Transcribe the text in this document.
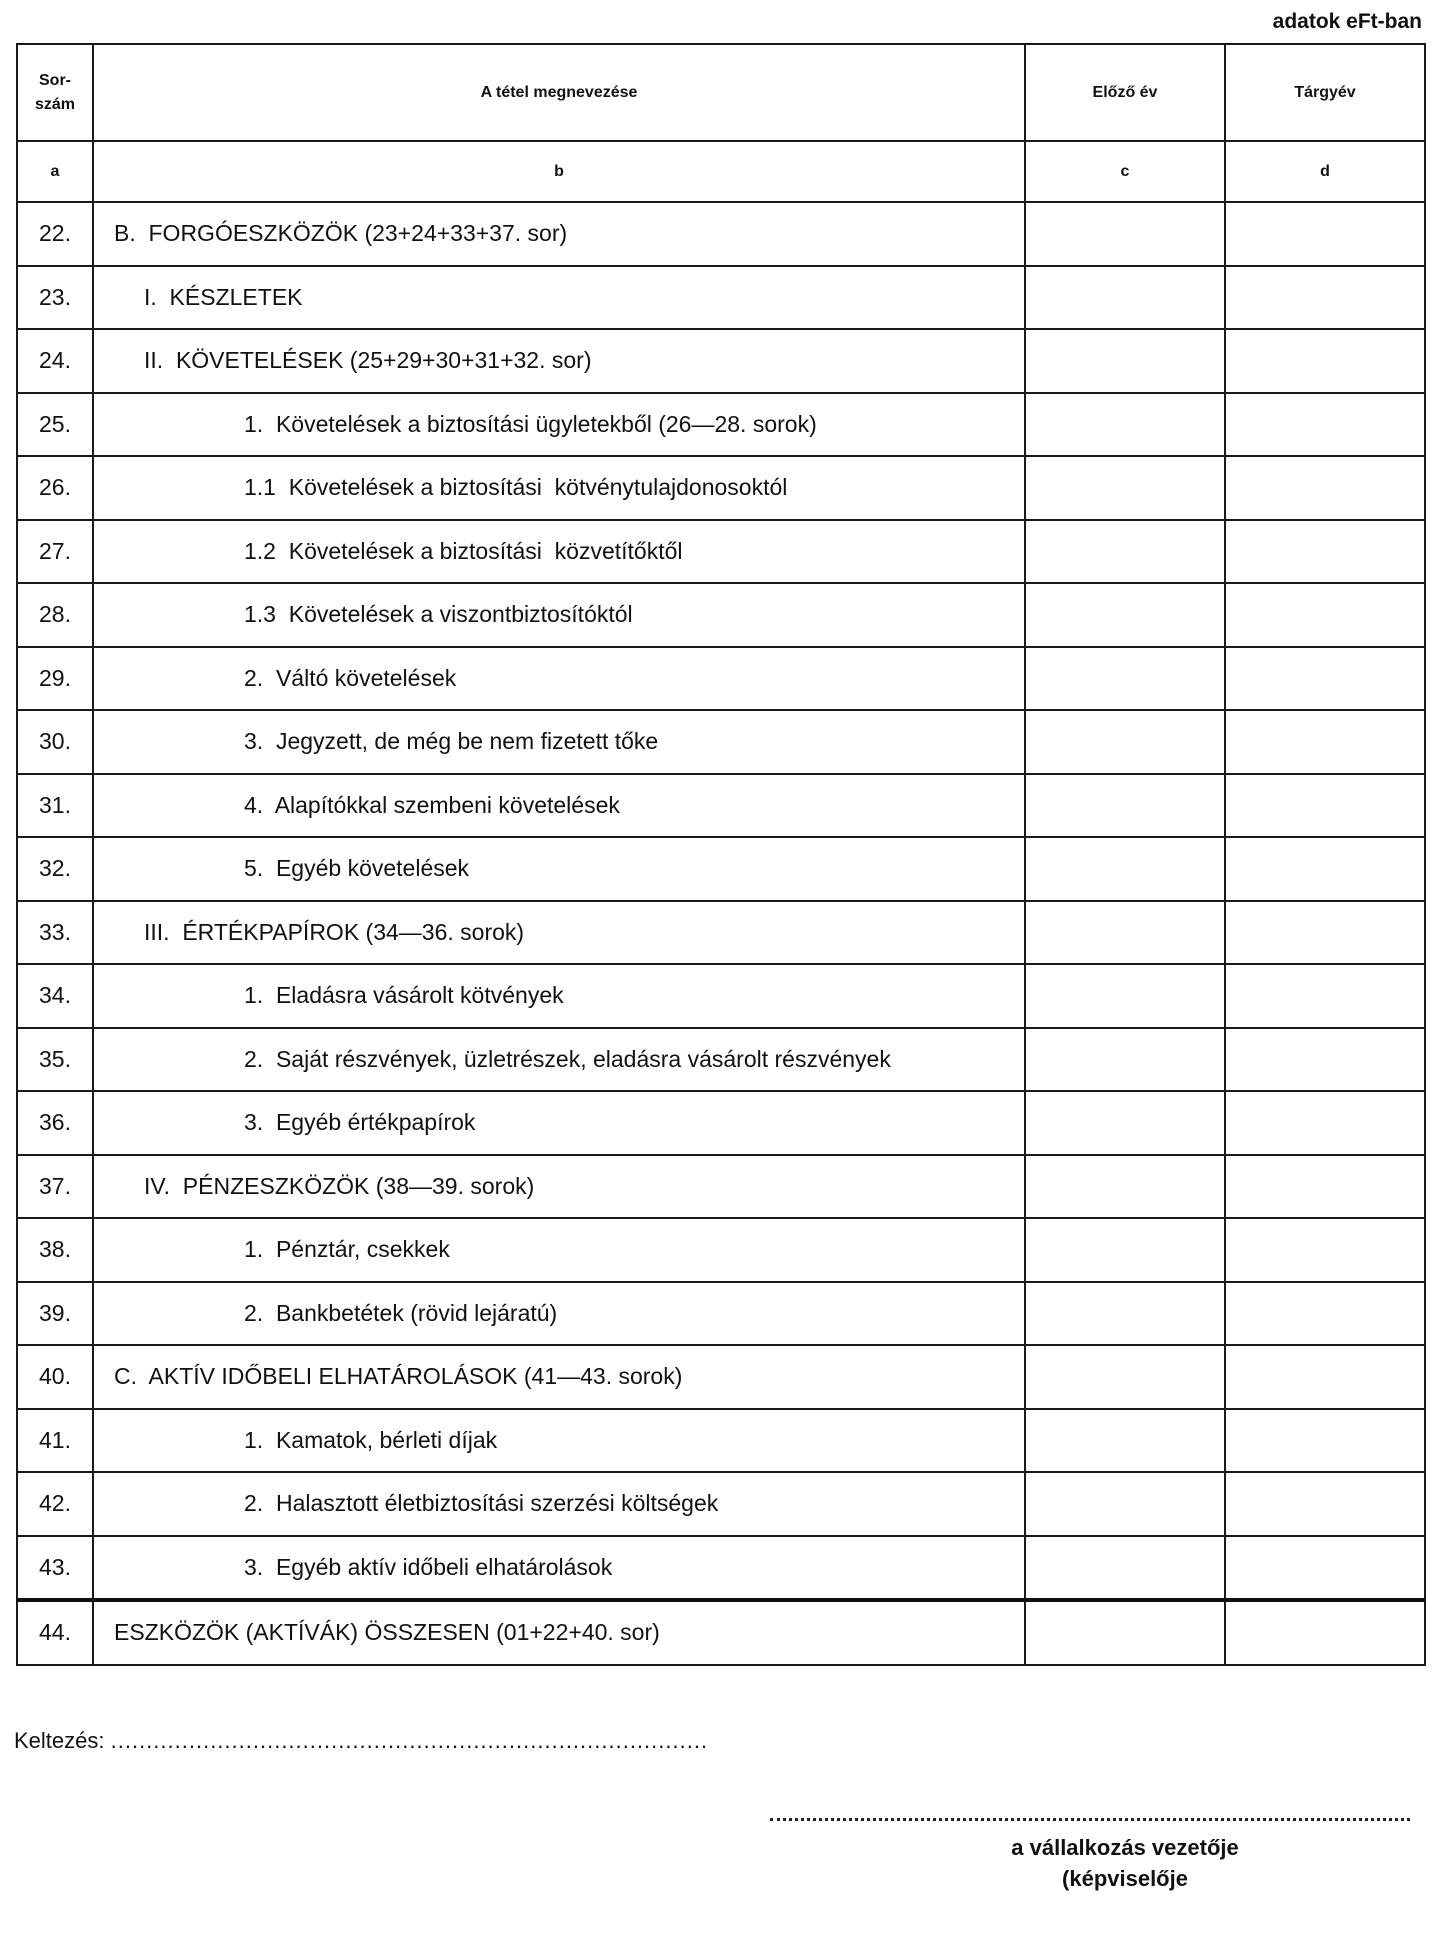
adatok eFt-ban
Sor-
szám	A tétel megnevezése	Előző év	Tárgyév
a	b	c	d
22.	B.  FORGÓESZKÖZÖK (23+24+33+37. sor)		
23.	I.  KÉSZLETEK		
24.	II.  KÖVETELÉSEK (25+29+30+31+32. sor)		
25.	1.  Követelések a biztosítási ügyletekből (26—28. sorok)		
26.	1.1  Követelések a biztosítási  kötvénytulajdonosoktól		
27.	1.2  Követelések a biztosítási  közvetítőktől		
28.	1.3  Követelések a viszontbiztosítóktól		
29.	2.  Váltó követelések		
30.	3.  Jegyzett, de még be nem fizetett tőke		
31.	4.  Alapítókkal szembeni követelések		
32.	5.  Egyéb követelések		
33.	III.  ÉRTÉKPAPÍROK (34—36. sorok)		
34.	1.  Eladásra vásárolt kötvények		
35.	2.  Saját részvények, üzletrészek, eladásra vásárolt részvények		
36.	3.  Egyéb értékpapírok		
37.	IV.  PÉNZESZKÖZÖK (38—39. sorok)		
38.	1.  Pénztár, csekkek		
39.	2.  Bankbetétek (rövid lejáratú)		
40.	C.  AKTÍV IDŐBELI ELHATÁROLÁSOK (41—43. sorok)		
41.	1.  Kamatok, bérleti díjak		
42.	2.  Halasztott életbiztosítási szerzési költségek		
43.	3.  Egyéb aktív időbeli elhatárolások		
44.	ESZKÖZÖK (AKTÍVÁK) ÖSSZESEN (01+22+40. sor)		
Keltezés: ....................................................................................
a vállalkozás vezetője
(képviselője
